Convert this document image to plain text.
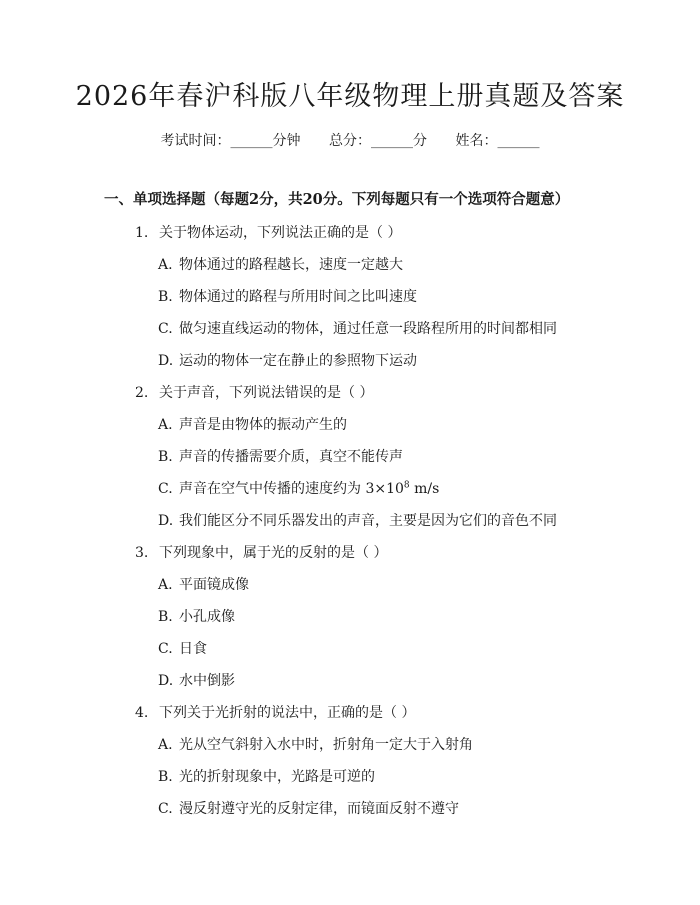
2026年春沪科版八年级物理上册真题及答案
考试时间：______分钟 总分：______分 姓名：______
一、单项选择题（每题2分，共20分。下列每题只有一个选项符合题意）
1. 关于物体运动，下列说法正确的是（ ）
A. 物体通过的路程越长，速度一定越大
B. 物体通过的路程与所用时间之比叫速度
C. 做匀速直线运动的物体，通过任意一段路程所用的时间都相同
D. 运动的物体一定在静止的参照物下运动
2. 关于声音，下列说法错误的是（ ）
A. 声音是由物体的振动产生的
B. 声音的传播需要介质，真空不能传声
C. 声音在空气中传播的速度约为 $3\times 10^8$ m/s
D. 我们能区分不同乐器发出的声音，主要是因为它们的音色不同
3. 下列现象中，属于光的反射的是（ ）
A. 平面镜成像
B. 小孔成像
C. 日食
D. 水中倒影
4. 下列关于光折射的说法中，正确的是（ ）
A. 光从空气斜射入水中时，折射角一定大于入射角
B. 光的折射现象中，光路是可逆的
C. 漫反射遵守光的反射定律，而镜面反射不遵守
